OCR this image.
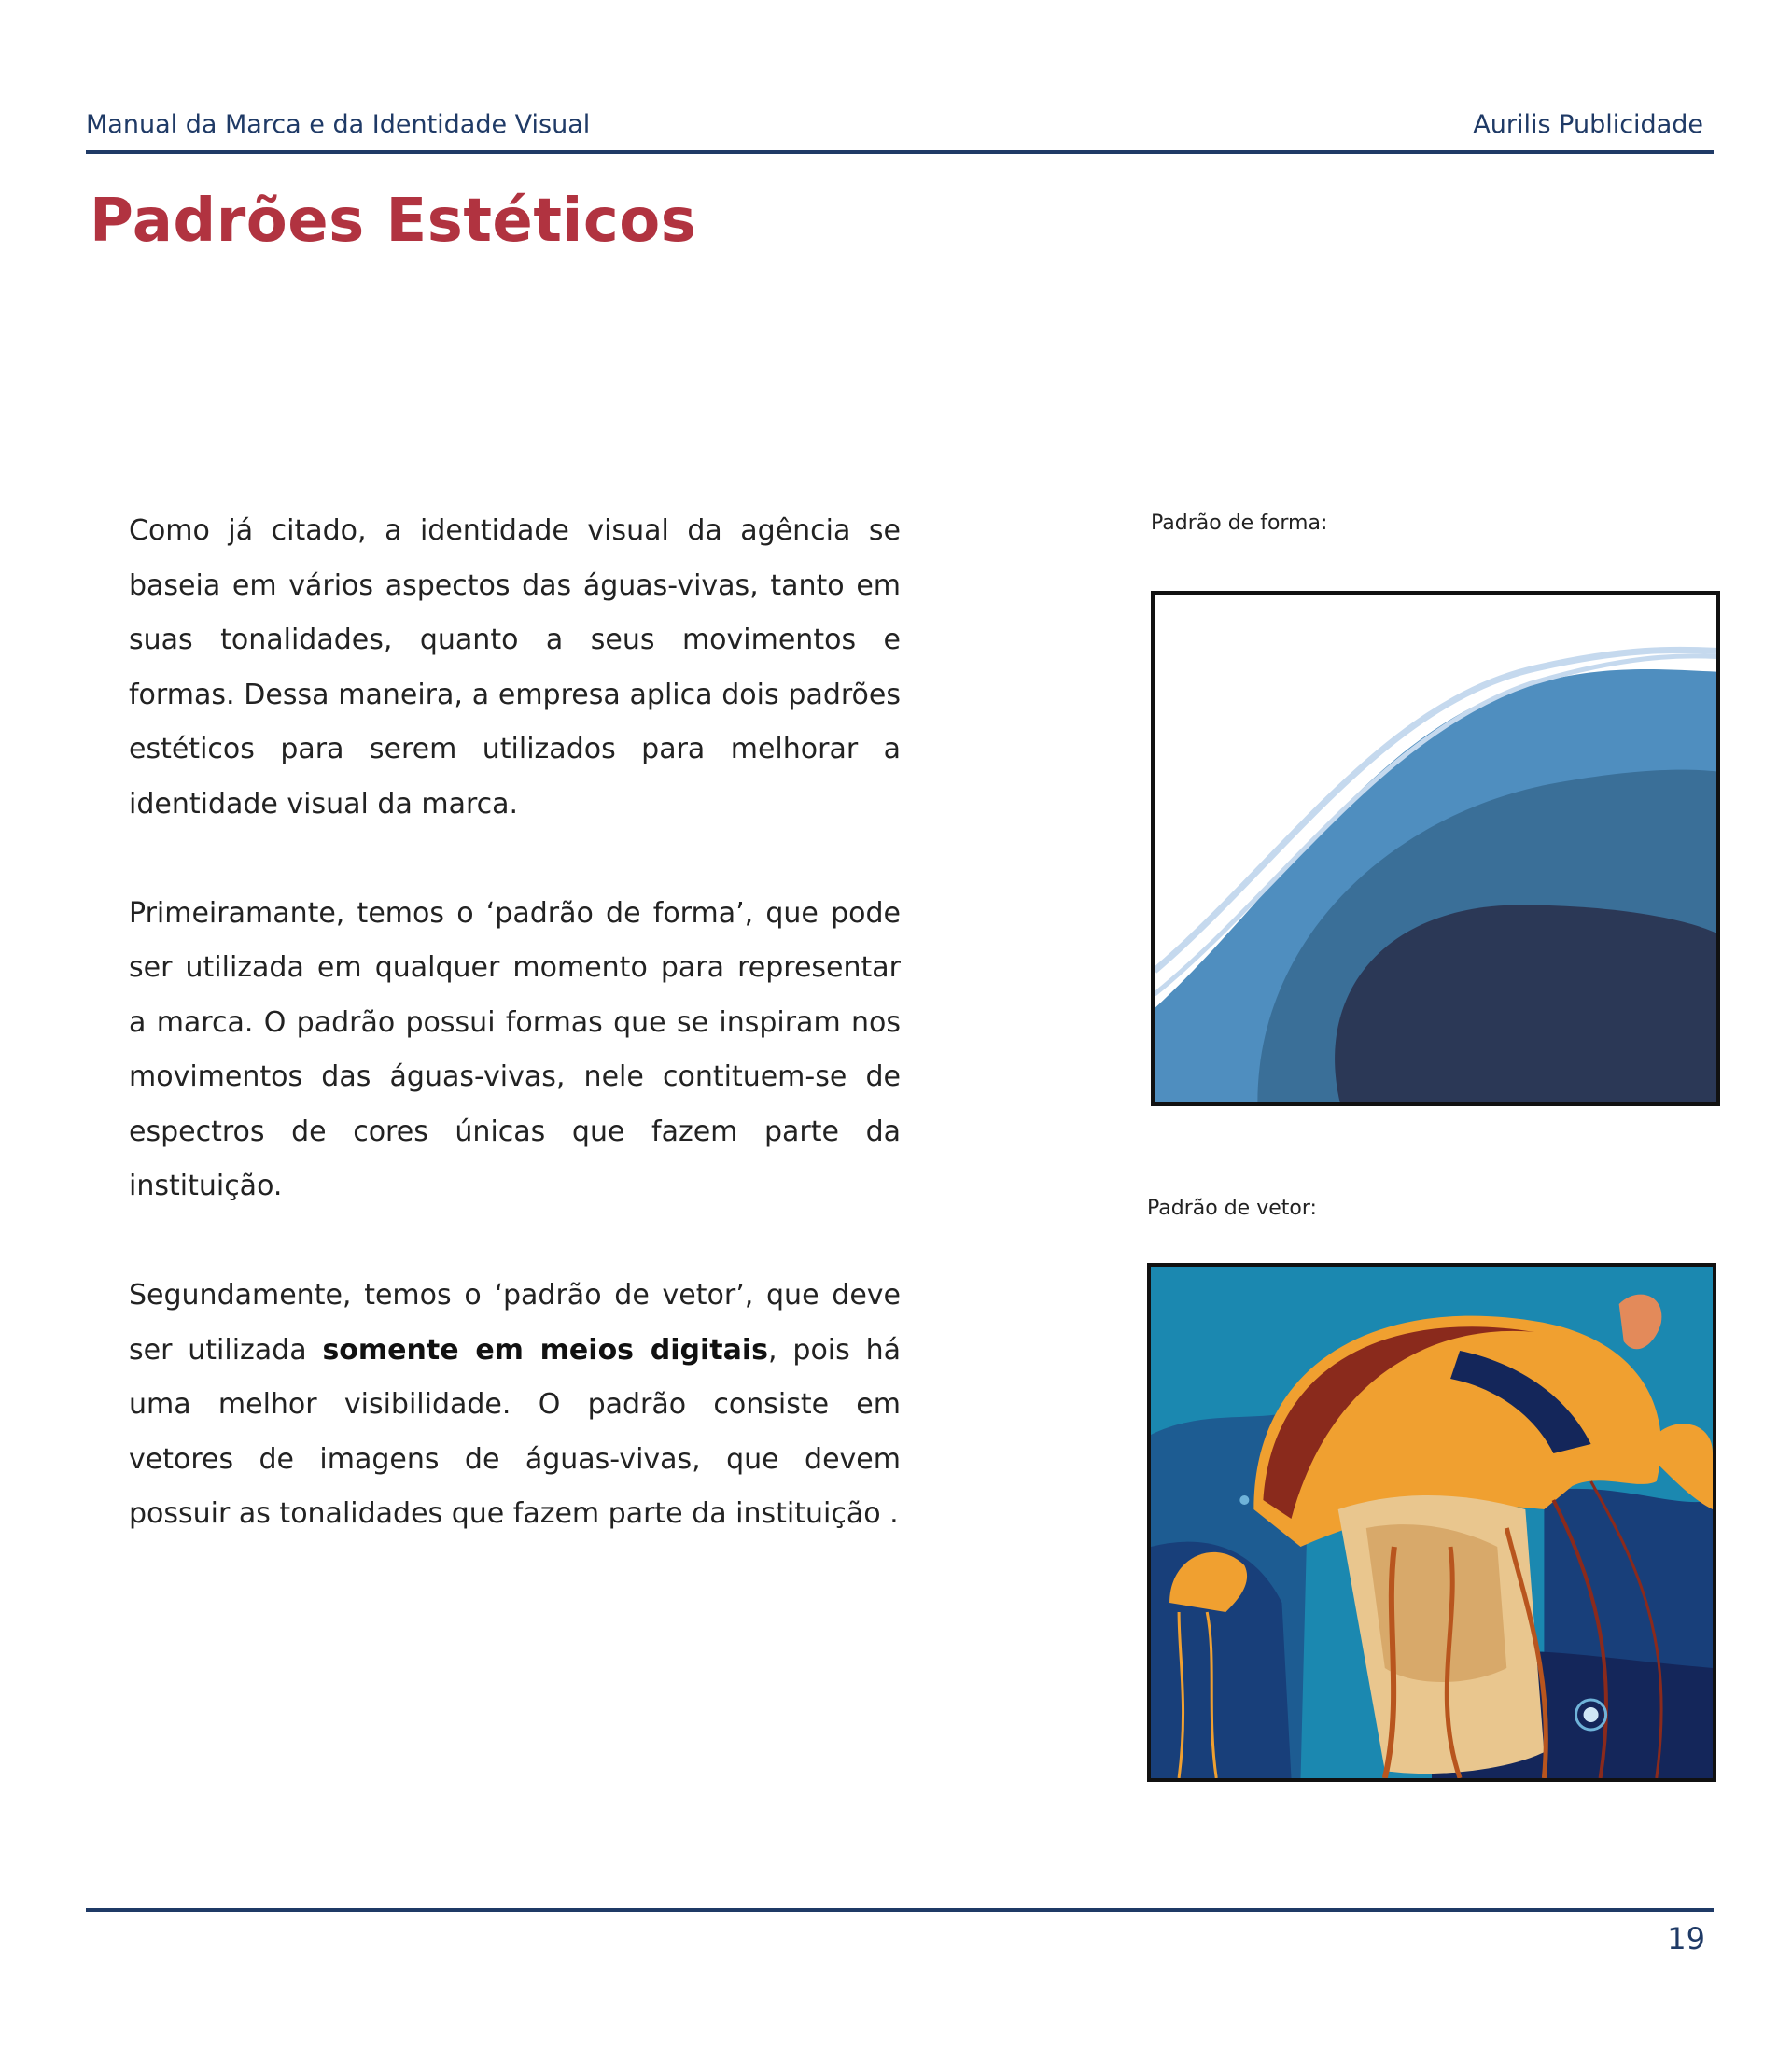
Manual da Marca e da Identidade Visual	Aurilis Publicidade
Padrões Estéticos

Como já citado, a identidade visual da agência se baseia em vários aspectos das águas-vivas, tanto em suas tonalidades, quanto a seus movimentos e formas. Dessa maneira, a empresa aplica dois padrões estéticos para serem utilizados para melhorar a identidade visual da marca.

Primeiramante, temos o ‘padrão de forma’, que pode ser utilizada em qualquer momento para representar a marca. O padrão possui formas que se inspiram nos movimentos das águas-vivas, nele contituem-se de espectros de cores únicas que fazem parte da instituição.

Segundamente, temos o ‘padrão de vetor’, que deve ser utilizada somente em meios digitais, pois há uma melhor visibilidade. O padrão consiste em vetores de imagens de águas-vivas, que devem possuir as tonalidades que fazem parte da instituição .

Padrão de forma:
Padrão de vetor:
19
